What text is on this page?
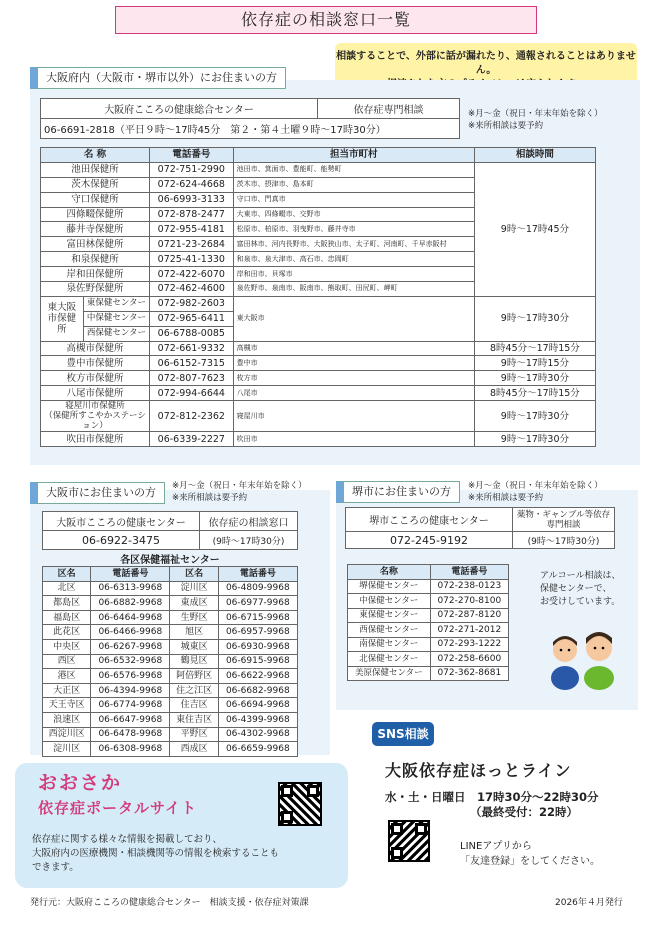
依存症の相談窓口一覧
相談することで、外部に話が漏れたり、通報されることはありません。
大阪府内（大阪市・堺市以外）にお住まいの方
大阪府こころの健康総合センター	依存症専門相談
06-6691-2818（平日９時～17時45分　第２・第４土曜９時～17時30分）
※月～金（祝日・年末年始を除く）
※来所相談は要予約
名 称		電話番号	担当市町村	相談時間
池田保健所		072-751-2990	池田市、箕面市、豊能町、能勢町	9時～17時45分
茨木保健所		072-624-4668	茨木市、摂津市、島本町	
守口保健所		06-6993-3133	守口市、門真市	
四條畷保健所		072-878-2477	大東市、四條畷市、交野市	
藤井寺保健所		072-955-4181	松原市、柏原市、羽曳野市、藤井寺市	
富田林保健所		0721-23-2684	富田林市、河内長野市、大阪狭山市、太子町、河南町、千早赤阪村	
和泉保健所		0725-41-1330	和泉市、泉大津市、高石市、忠岡町	
岸和田保健所		072-422-6070	岸和田市、貝塚市	
泉佐野保健所		072-462-4600	泉佐野市、泉南市、阪南市、熊取町、田尻町、岬町	
東大阪市保健所	東保健センター	072-982-2603	東大阪市	9時～17時30分
	中保健センター	072-965-6411		
	西保健センター	06-6788-0085		
高槻市保健所		072-661-9332	高槻市	8時45分～17時15分
豊中市保健所		06-6152-7315	豊中市	9時～17時15分
枚方市保健所		072-807-7623	枚方市	9時～17時30分
八尾市保健所		072-994-6644	八尾市	8時45分～17時15分
寝屋川市保健所
（保健所すこやかステーション）		072-812-2362	寝屋川市	9時～17時30分
吹田市保健所		06-6339-2227	吹田市	9時～17時30分
大阪市にお住まいの方	※月～金（祝日・年末年始を除く）
※来所相談は要予約
大阪市こころの健康センター	依存症の相談窓口
06-6922-3475	(9時～17時30分)
各区保健福祉センター
区名	電話番号	区名	電話番号
北区	06-6313-9968	淀川区	06-4809-9968
都島区	06-6882-9968	東成区	06-6977-9968
福島区	06-6464-9968	生野区	06-6715-9968
此花区	06-6466-9968	旭区	06-6957-9968
中央区	06-6267-9968	城東区	06-6930-9968
西区	06-6532-9968	鶴見区	06-6915-9968
港区	06-6576-9968	阿倍野区	06-6622-9968
大正区	06-4394-9968	住之江区	06-6682-9968
天王寺区	06-6774-9968	住吉区	06-6694-9968
浪速区	06-6647-9968	東住吉区	06-4399-9968
西淀川区	06-6478-9968	平野区	06-4302-9968
淀川区	06-6308-9968	西成区	06-6659-9968
堺市にお住まいの方	※月～金（祝日・年末年始を除く）
※来所相談は要予約
堺市こころの健康センター	薬物・ギャンブル等依存
専門相談
072-245-9192	(9時～17時30分)
名称	電話番号
堺保健センター	072-238-0123
中保健センター	072-270-8100
東保健センター	072-287-8120
西保健センター	072-271-2012
南保健センター	072-293-1222
北保健センター	072-258-6600
美原保健センター	072-362-8681
アルコール相談は、
保健センターで、
お受けしています。
おおさか
依存症ポータルサイト
依存症に関する様々な情報を掲載しており、
大阪府内の医療機関・相談機関等の情報を検索することも
できます。
SNS相談
大阪依存症ほっとライン
水・土・日曜日　17時30分～22時30分
（最終受付：22時）
LINEアプリから
「友達登録」をしてください。
発行元：大阪府こころの健康総合センター　相談支援・依存症対策課	2026年４月発行
